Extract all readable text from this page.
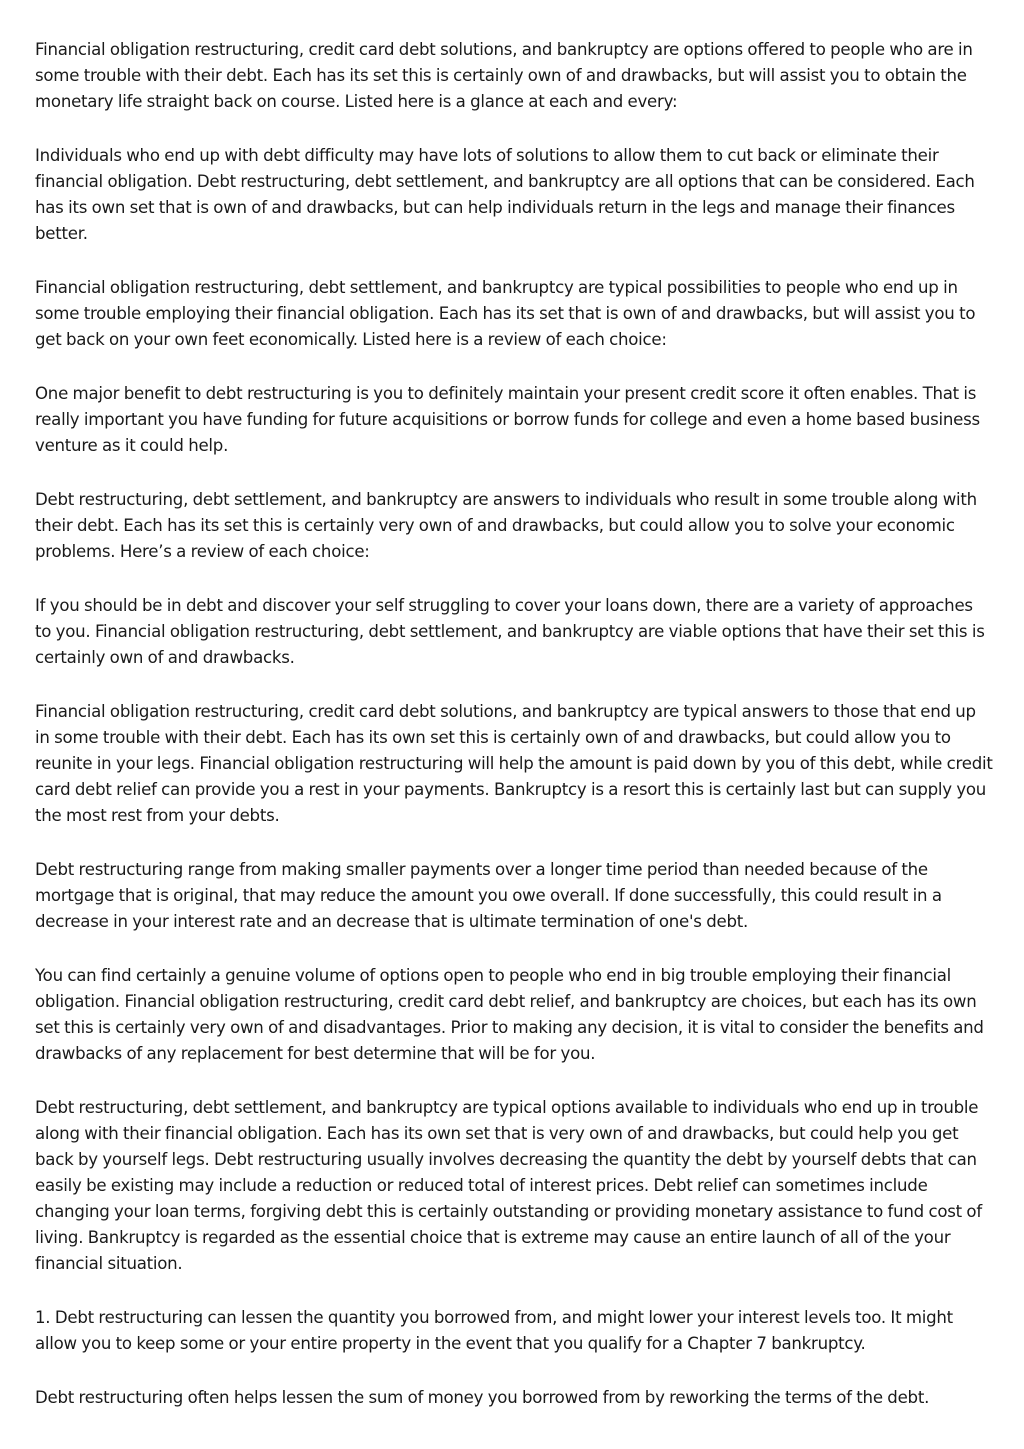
Financial obligation restructuring, credit card debt solutions, and bankruptcy are options offered to people who are in some trouble with their debt. Each has its set this is certainly own of and drawbacks, but will assist you to obtain the monetary life straight back on course. Listed here is a glance at each and every:

Individuals who end up with debt difficulty may have lots of solutions to allow them to cut back or eliminate their financial obligation. Debt restructuring, debt settlement, and bankruptcy are all options that can be considered. Each has its own set that is own of and drawbacks, but can help individuals return in the legs and manage their finances better.

Financial obligation restructuring, debt settlement, and bankruptcy are typical possibilities to people who end up in some trouble employing their financial obligation. Each has its set that is own of and drawbacks, but will assist you to get back on your own feet economically. Listed here is a review of each choice:

One major benefit to debt restructuring is you to definitely maintain your present credit score it often enables. That is really important you have funding for future acquisitions or borrow funds for college and even a home based business venture as it could help.

Debt restructuring, debt settlement, and bankruptcy are answers to individuals who result in some trouble along with their debt. Each has its set this is certainly very own of and drawbacks, but could allow you to solve your economic problems. Here’s a review of each choice:

If you should be in debt and discover your self struggling to cover your loans down, there are a variety of approaches to you. Financial obligation restructuring, debt settlement, and bankruptcy are viable options that have their set this is certainly own of and drawbacks.

Financial obligation restructuring, credit card debt solutions, and bankruptcy are typical answers to those that end up in some trouble with their debt. Each has its own set this is certainly own of and drawbacks, but could allow you to reunite in your legs. Financial obligation restructuring will help the amount is paid down by you of this debt, while credit card debt relief can provide you a rest in your payments. Bankruptcy is a resort this is certainly last but can supply you the most rest from your debts.

Debt restructuring range from making smaller payments over a longer time period than needed because of the mortgage that is original, that may reduce the amount you owe overall. If done successfully, this could result in a decrease in your interest rate and an decrease that is ultimate termination of one's debt.

You can find certainly a genuine volume of options open to people who end in big trouble employing their financial obligation. Financial obligation restructuring, credit card debt relief, and bankruptcy are choices, but each has its own set this is certainly very own of and disadvantages. Prior to making any decision, it is vital to consider the benefits and drawbacks of any replacement for best determine that will be for you.

Debt restructuring, debt settlement, and bankruptcy are typical options available to individuals who end up in trouble along with their financial obligation. Each has its own set that is very own of and drawbacks, but could help you get back by yourself legs. Debt restructuring usually involves decreasing the quantity the debt by yourself debts that can easily be existing may include a reduction or reduced total of interest prices. Debt relief can sometimes include changing your loan terms, forgiving debt this is certainly outstanding or providing monetary assistance to fund cost of living. Bankruptcy is regarded as the essential choice that is extreme may cause an entire launch of all of the your financial situation.

1. Debt restructuring can lessen the quantity you borrowed from, and might lower your interest levels too. It might allow you to keep some or your entire property in the event that you qualify for a Chapter 7 bankruptcy.

Debt restructuring often helps lessen the sum of money you borrowed from by reworking the terms of the debt.
